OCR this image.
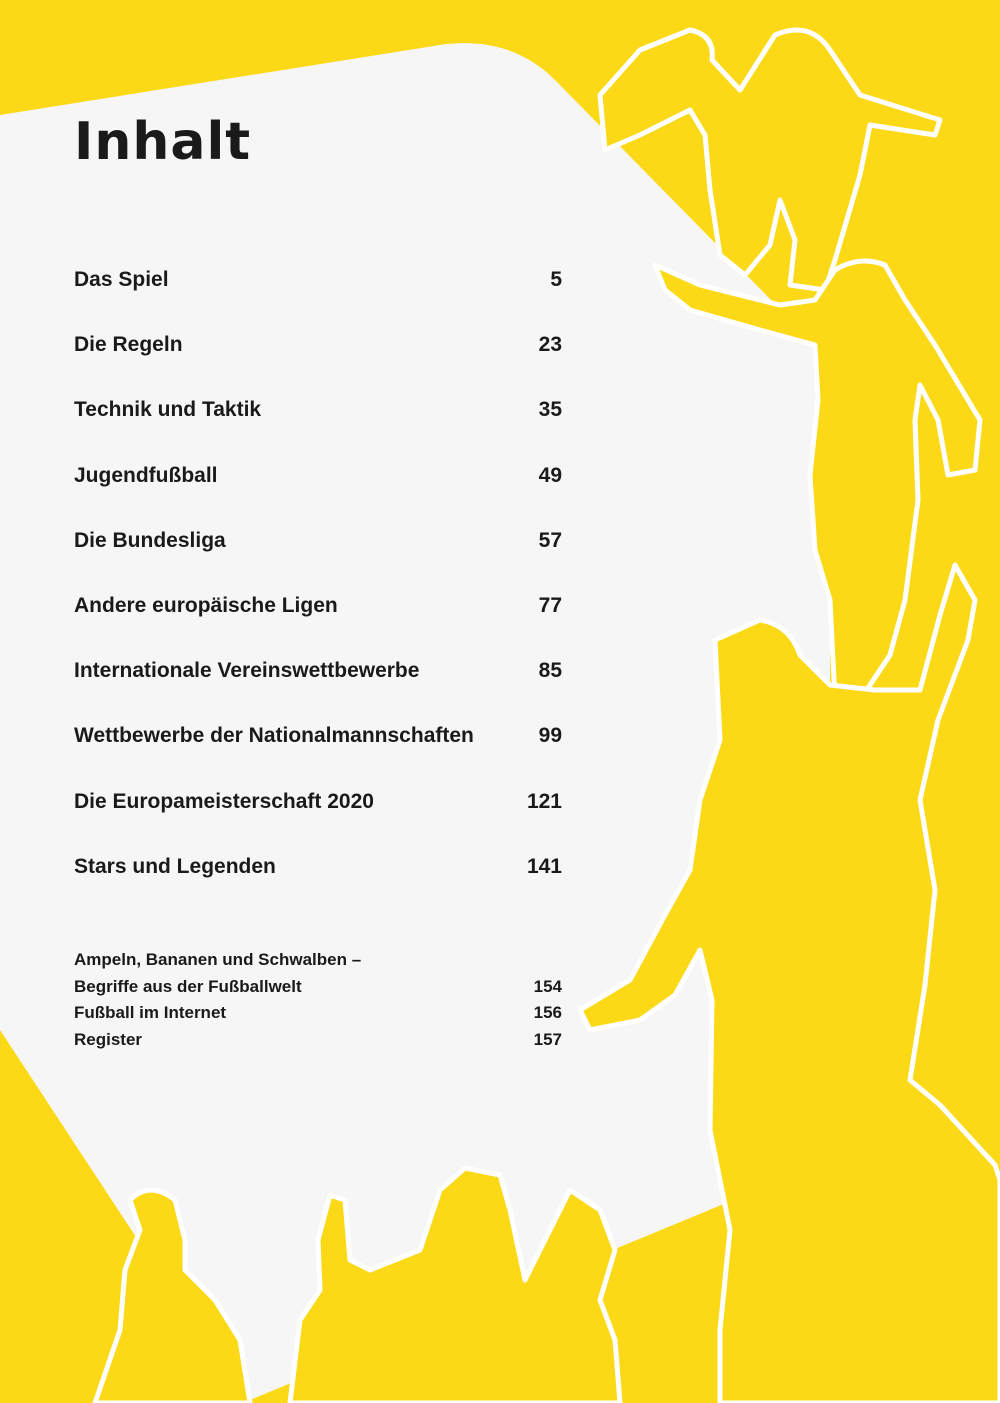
Inhalt
Das Spiel	5
Die Regeln	23
Technik und Taktik	35
Jugendfußball	49
Die Bundesliga	57
Andere europäische Ligen	77
Internationale Vereinswettbewerbe	85
Wettbewerbe der Nationalmannschaften	99
Die Europameisterschaft 2020	121
Stars und Legenden	141
Ampeln, Bananen und Schwalben –
Begriffe aus der Fußballwelt	154
Fußball im Internet	156
Register	157
